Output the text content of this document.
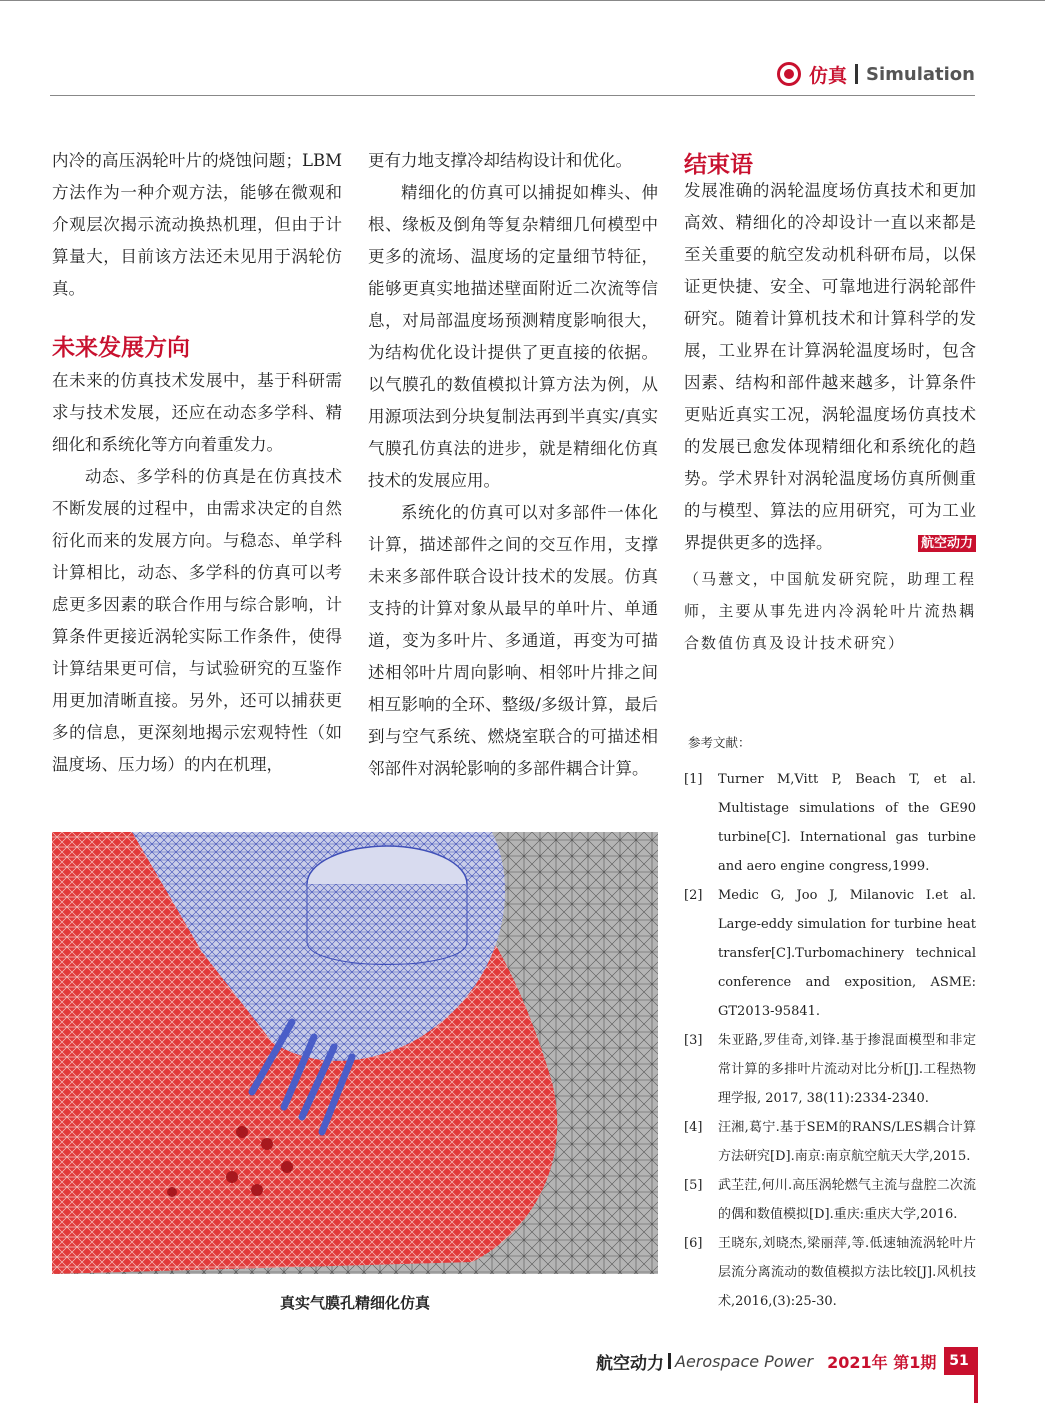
仿真 Simulation

内冷的高压涡轮叶片的烧蚀问题；LBM方法作为一种介观方法，能够在微观和介观层次揭示流动换热机理，但由于计算量大，目前该方法还未见用于涡轮仿真。

未来发展方向

在未来的仿真技术发展中，基于科研需求与技术发展，还应在动态多学科、精细化和系统化等方向着重发力。

动态、多学科的仿真是在仿真技术不断发展的过程中，由需求决定的自然衍化而来的发展方向。与稳态、单学科计算相比，动态、多学科的仿真可以考虑更多因素的联合作用与综合影响，计算条件更接近涡轮实际工作条件，使得计算结果更可信，与试验研究的互鉴作用更加清晰直接。另外，还可以捕获更多的信息，更深刻地揭示宏观特性（如温度场、压力场）的内在机理，

更有力地支撑冷却结构设计和优化。

精细化的仿真可以捕捉如榫头、伸根、缘板及倒角等复杂精细几何模型中更多的流场、温度场的定量细节特征，能够更真实地描述壁面附近二次流等信息，对局部温度场预测精度影响很大，为结构优化设计提供了更直接的依据。以气膜孔的数值模拟计算方法为例，从用源项法到分块复制法再到半真实/真实气膜孔仿真法的进步，就是精细化仿真技术的发展应用。

系统化的仿真可以对多部件一体化计算，描述部件之间的交互作用，支撑未来多部件联合设计技术的发展。仿真支持的计算对象从最早的单叶片、单通道，变为多叶片、多通道，再变为可描述相邻叶片周向影响、相邻叶片排之间相互影响的全环、整级/多级计算，最后到与空气系统、燃烧室联合的可描述相邻部件对涡轮影响的多部件耦合计算。

结束语

发展准确的涡轮温度场仿真技术和更加高效、精细化的冷却设计一直以来都是至关重要的航空发动机科研布局，以保证更快捷、安全、可靠地进行涡轮部件研究。随着计算机技术和计算科学的发展，工业界在计算涡轮温度场时，包含因素、结构和部件越来越多，计算条件更贴近真实工况，涡轮温度场仿真技术的发展已愈发体现精细化和系统化的趋势。学术界针对涡轮温度场仿真所侧重的与模型、算法的应用研究，可为工业界提供更多的选择。	航空动力

（马薏文，中国航发研究院，助理工程师，主要从事先进内冷涡轮叶片流热耦合数值仿真及设计技术研究）
参考文献：
[1]	Turner M,Vitt P, Beach T, et al. Multistage simulations of the GE90 turbine[C]. International gas turbine and aero engine congress,1999.
[2]	Medic G, Joo J, Milanovic I.et al. Large-eddy simulation for turbine heat transfer[C].Turbomachinery technical conference and exposition, ASME: GT2013-95841.
[3]	朱亚路,罗佳奇,刘锋.基于掺混面模型和非定常计算的多排叶片流动对比分析[J].工程热物理学报, 2017, 38(11):2334-2340.
[4]	汪湘,葛宁.基于SEM的RANS/LES耦合计算方法研究[D].南京:南京航空航天大学,2015.
[5]	武芏茳,何川.高压涡轮燃气主流与盘腔二次流的偶和数值模拟[D].重庆:重庆大学,2016.
[6]	王晓东,刘晓杰,梁丽萍,等.低速轴流涡轮叶片层流分离流动的数值模拟方法比较[J].风机技术,2016,(3):25-30.
真实气膜孔精细化仿真
航空动力 Aerospace Power 2021年 第1期 51
